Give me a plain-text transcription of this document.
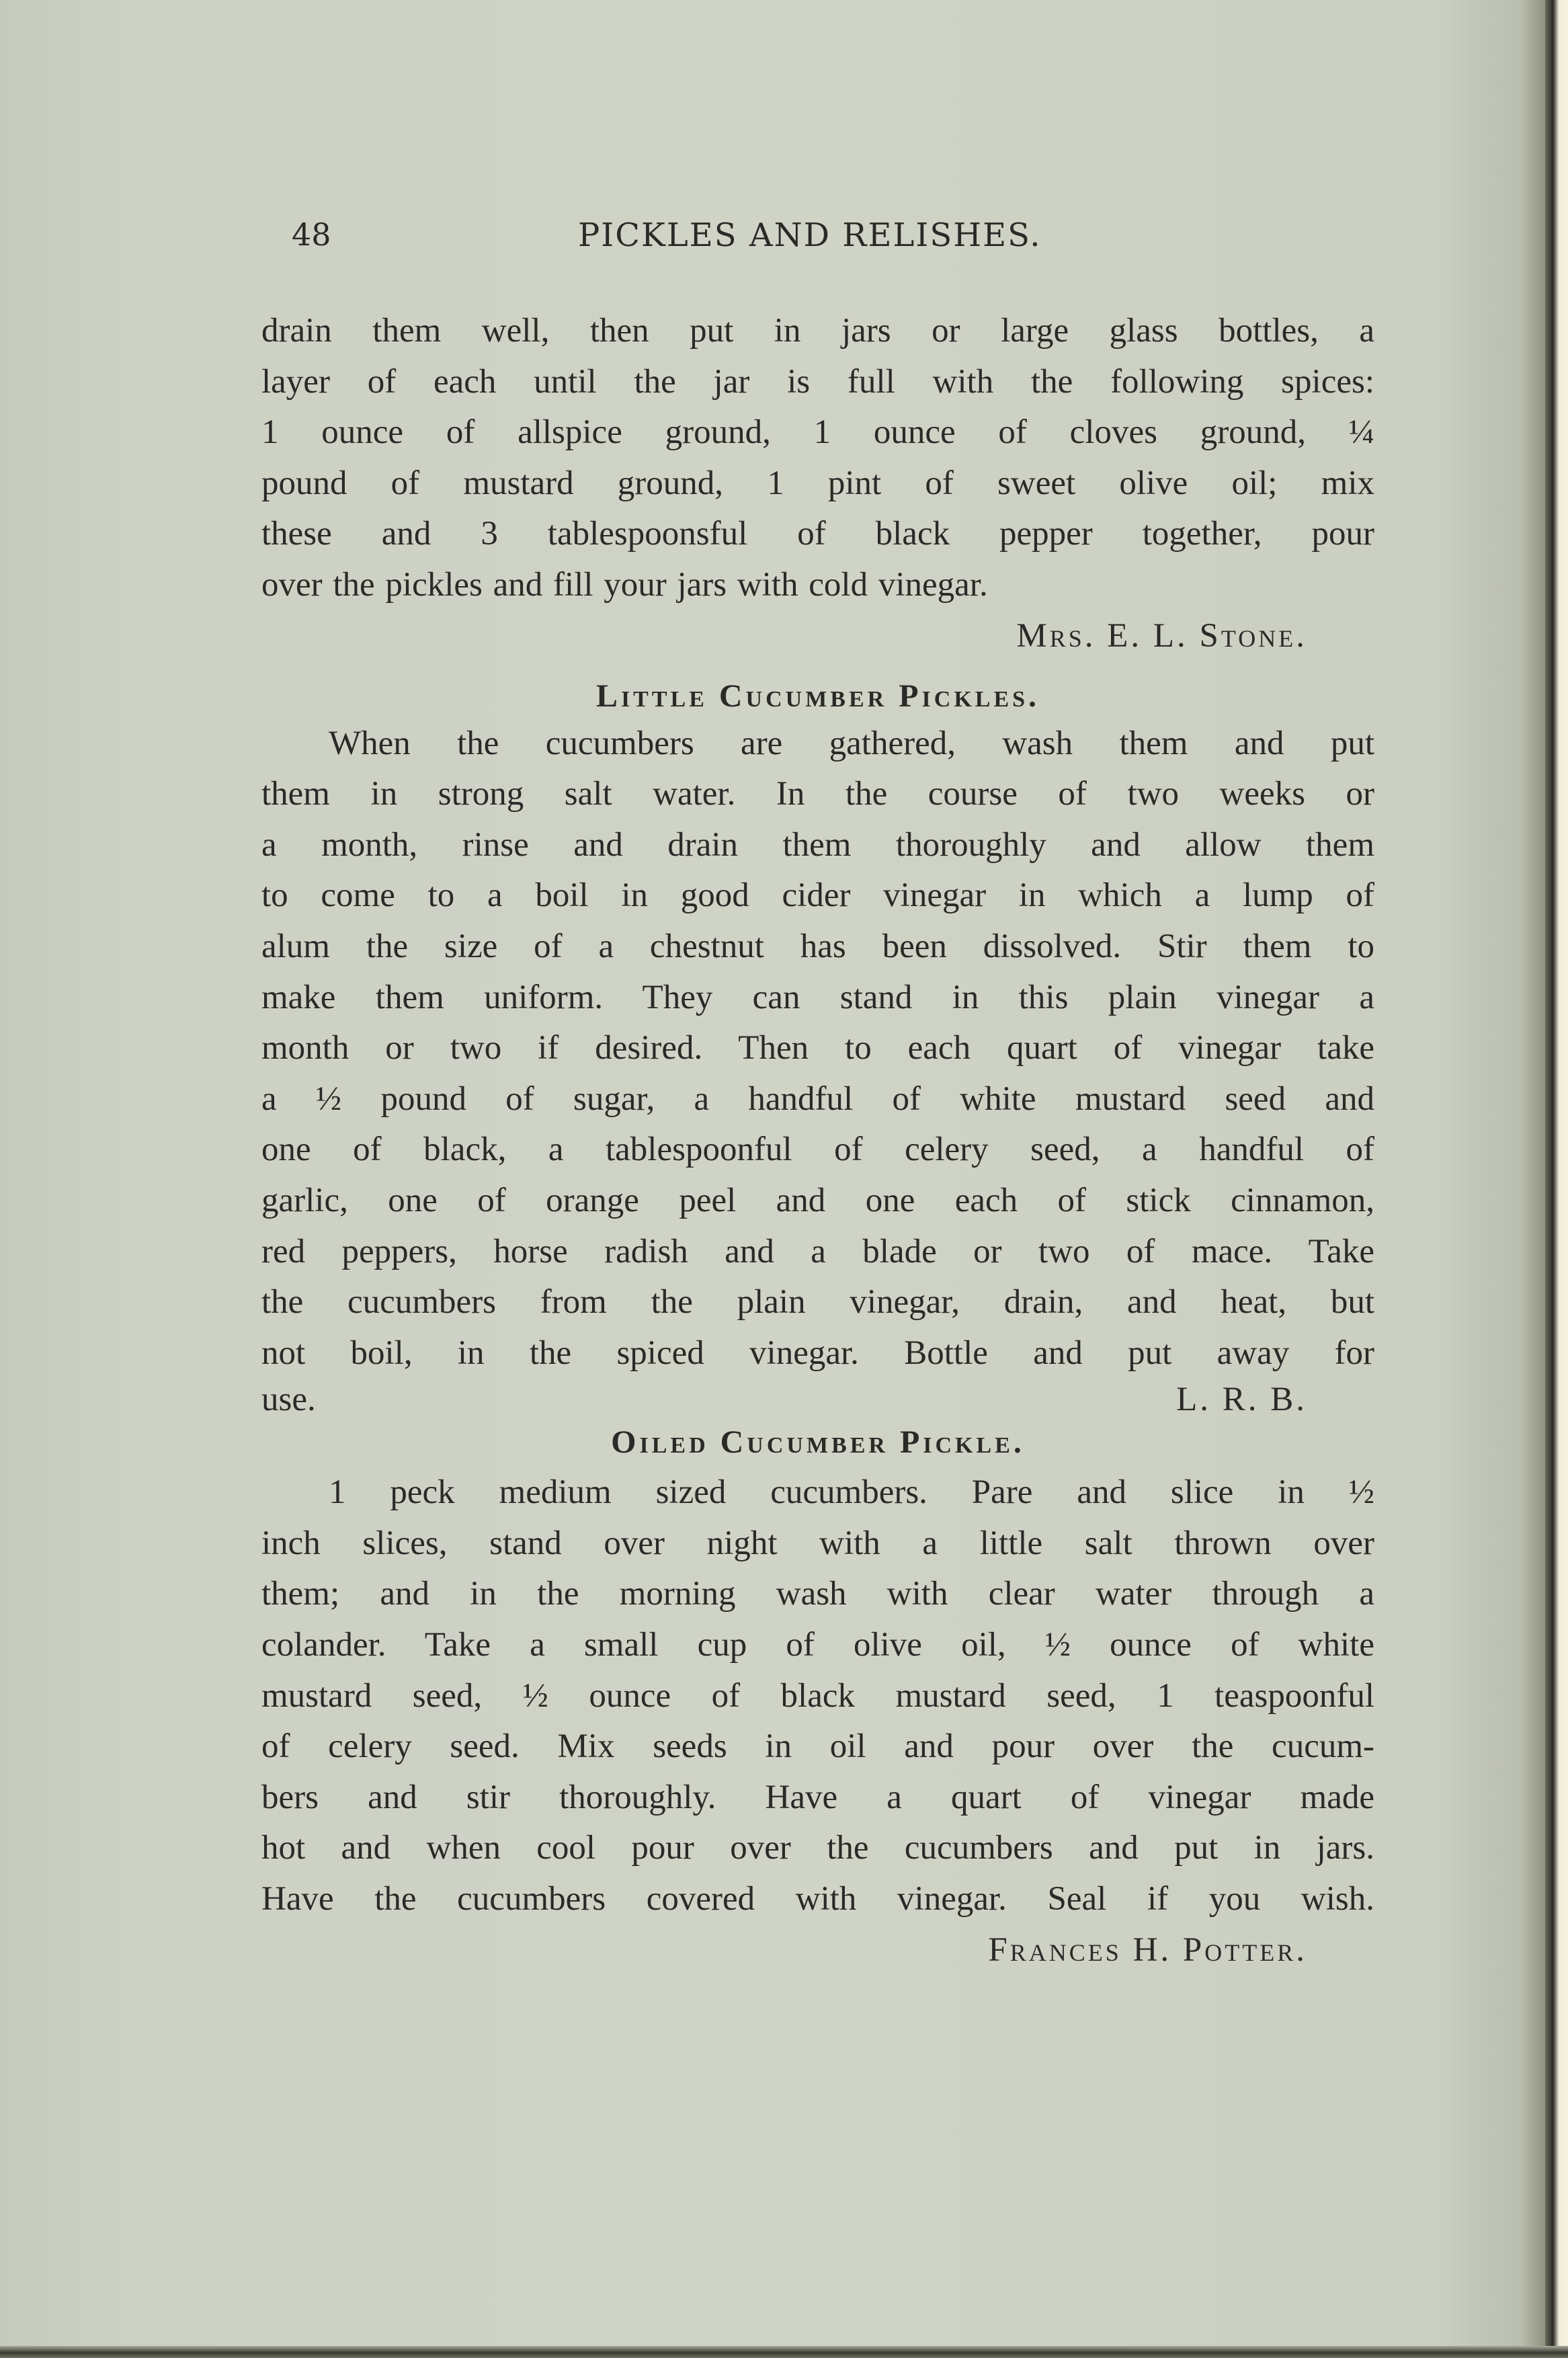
48	PICKLES AND RELISHES.
drain them well, then put in jars or large glass bottles, a
layer of each until the jar is full with the following spices:
1 ounce of allspice ground, 1 ounce of cloves ground, ¼
pound of mustard ground, 1 pint of sweet olive oil; mix
these and 3 tablespoonsful of black pepper together, pour
over the pickles and fill your jars with cold vinegar.

Mrs. E. L. Stone.

Little Cucumber Pickles.

When the cucumbers are gathered, wash them and put
them in strong salt water. In the course of two weeks or
a month, rinse and drain them thoroughly and allow them
to come to a boil in good cider vinegar in which a lump of
alum the size of a chestnut has been dissolved. Stir them to
make them uniform. They can stand in this plain vinegar a
month or two if desired. Then to each quart of vinegar take
a ½ pound of sugar, a handful of white mustard seed and
one of black, a tablespoonful of celery seed, a handful of
garlic, one of orange peel and one each of stick cinnamon,
red peppers, horse radish and a blade or two of mace. Take
the cucumbers from the plain vinegar, drain, and heat, but
not boil, in the spiced vinegar. Bottle and put away for
use.	L. R. B.

Oiled Cucumber Pickle.

1 peck medium sized cucumbers. Pare and slice in ½
inch slices, stand over night with a little salt thrown over
them; and in the morning wash with clear water through a
colander. Take a small cup of olive oil, ½ ounce of white
mustard seed, ½ ounce of black mustard seed, 1 teaspoonful
of celery seed. Mix seeds in oil and pour over the cucum-
bers and stir thoroughly. Have a quart of vinegar made
hot and when cool pour over the cucumbers and put in jars.
Have the cucumbers covered with vinegar. Seal if you wish.

Frances H. Potter.
